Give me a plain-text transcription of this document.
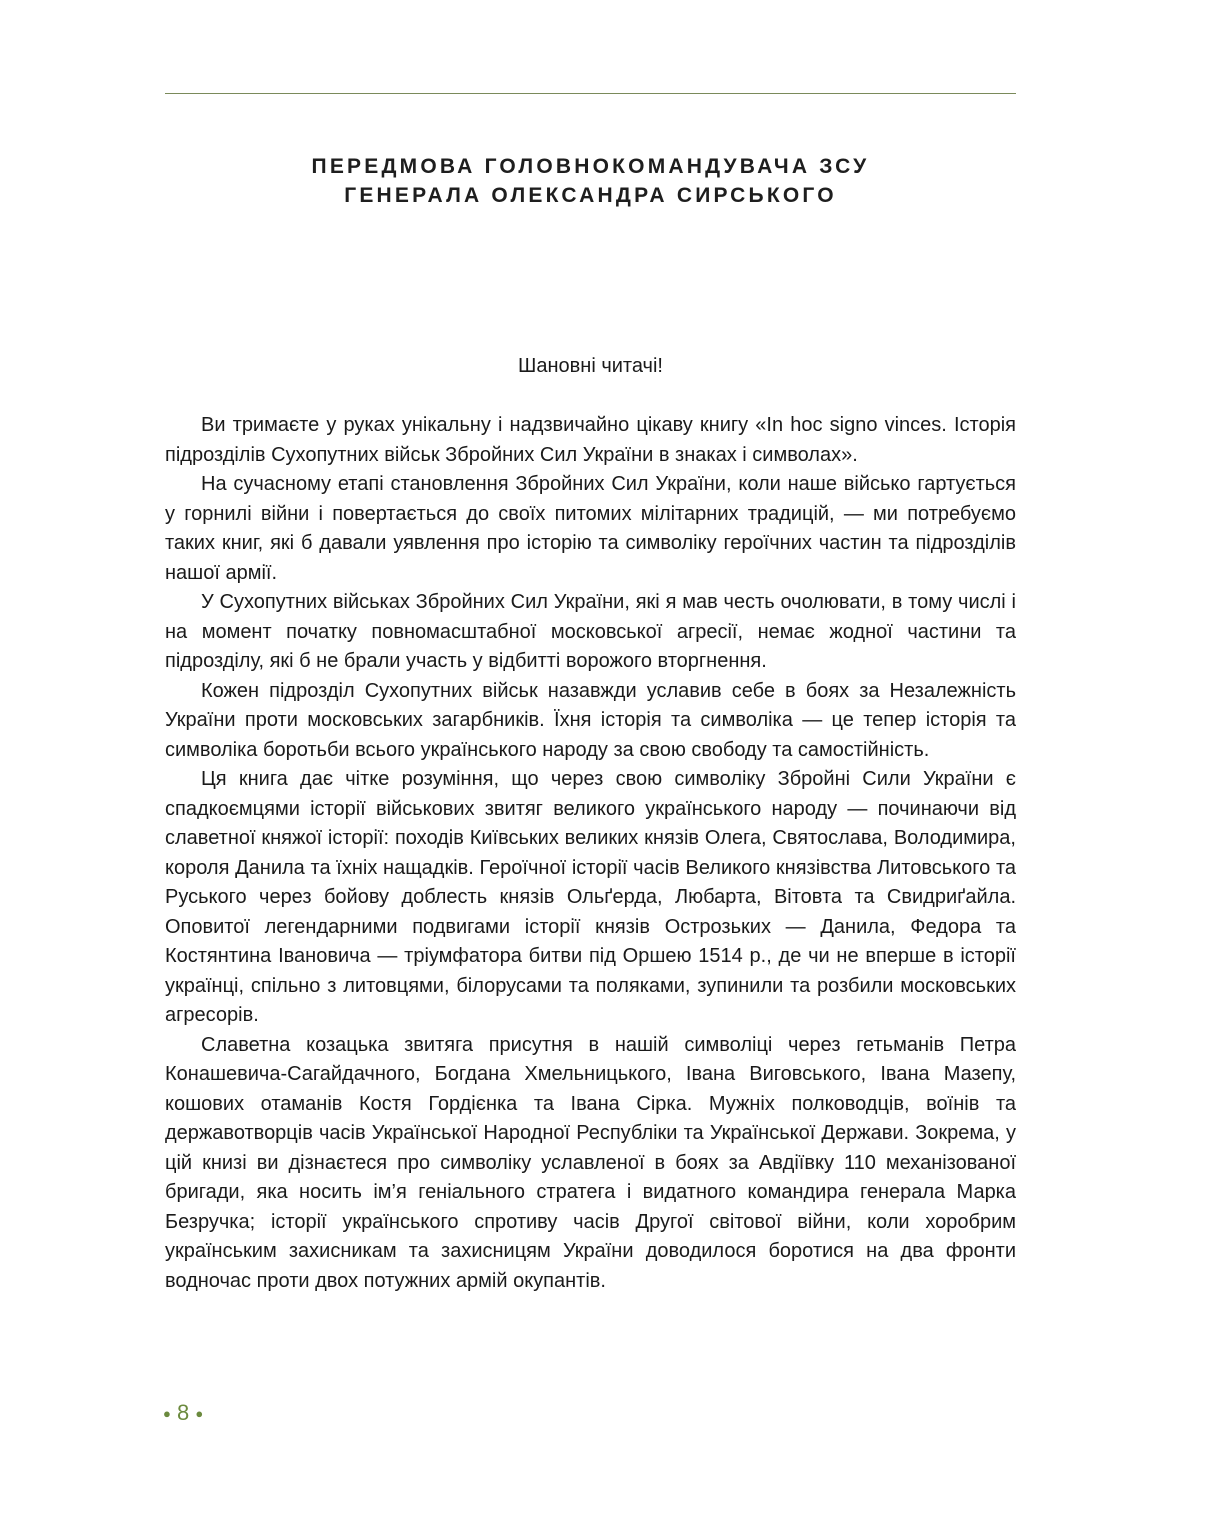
ПЕРЕДМОВА ГОЛОВНОКОМАНДУВАЧА ЗСУ
ГЕНЕРАЛА ОЛЕКСАНДРА СИРСЬКОГО
Шановні читачі!

Ви тримаєте у руках унікальну і надзвичайно цікаву книгу «In hoc signo vinces. Історія підрозділів Сухопутних військ Збройних Сил України в знаках і символах».

На сучасному етапі становлення Збройних Сил України, коли наше військо гартується у горнилі війни і повертається до своїх питомих мілітарних традицій, — ми потребуємо таких книг, які б давали уявлення про історію та символіку героїчних частин та підрозділів нашої армії.

У Сухопутних військах Збройних Сил України, які я мав честь очолювати, в тому числі і на момент початку повномасштабної московської агресії, немає жодної частини та підрозділу, які б не брали участь у відбитті ворожого вторгнення.

Кожен підрозділ Сухопутних військ назавжди уславив себе в боях за Незалежність України проти московських загарбників. Їхня історія та символіка — це тепер історія та символіка боротьби всього українського народу за свою свободу та самостійність.

Ця книга дає чітке розуміння, що через свою символіку Збройні Сили України є спадкоємцями історії військових звитяг великого українського народу — починаючи від славетної княжої історії: походів Київських великих князів Олега, Святослава, Володимира, короля Данила та їхніх нащадків. Героїчної історії часів Великого князівства Литовського та Руського через бойову доблесть князів Ольґерда, Любарта, Вітовта та Свидриґайла. Оповитої легендарними подвигами історії князів Острозьких — Данила, Федора та Костянтина Івановича — тріумфатора битви під Оршею 1514 р., де чи не вперше в історії українці, спільно з литовцями, білорусами та поляками, зупинили та розбили московських агресорів.

Славетна козацька звитяга присутня в нашій символіці через гетьманів Петра Конашевича-Сагайдачного, Богдана Хмельницького, Івана Виговського, Івана Мазепу, кошових отаманів Костя Гордієнка та Івана Сірка. Мужніх полководців, воїнів та державотворців часів Української Народної Республіки та Української Держави. Зокрема, у цій книзі ви дізнаєтеся про символіку уславленої в боях за Авдіївку 110 механізованої бригади, яка носить ім’я геніального стратега і видатного командира генерала Марка Безручка; історії українського спротиву часів Другої світової війни, коли хоробрим українським захисникам та захисницям України доводилося боротися на два фронти водночас проти двох потужних армій окупантів.

● 8 ●
